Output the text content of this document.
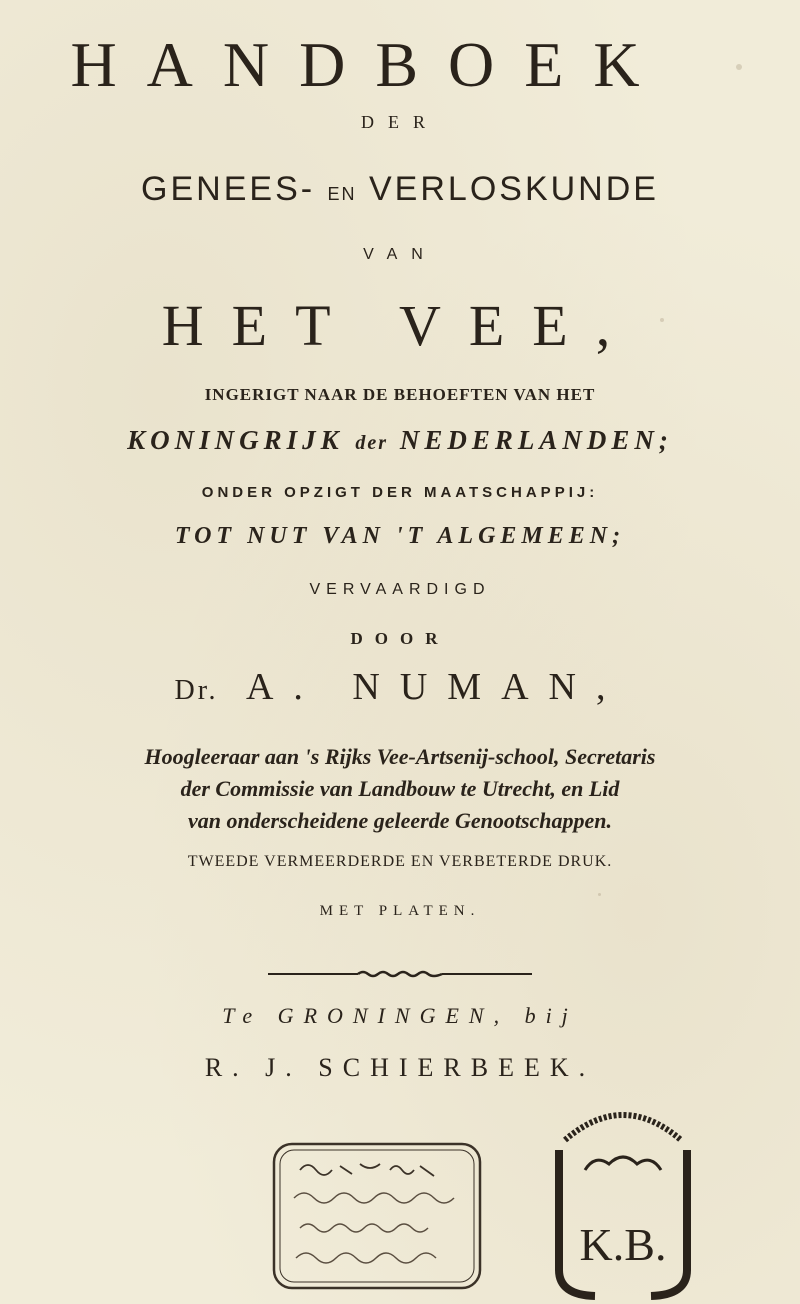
HANDBOEK
DER
GENEES- EN VERLOSKUNDE
VAN
HET VEE,
INGERIGT NAAR DE BEHOEFTEN VAN HET
KONINGRIJK der NEDERLANDEN;
ONDER OPZIGT DER MAATSCHAPPIJ:
TOT NUT VAN 'T ALGEMEEN;
VERVAARDIGD
DOOR
Dr. A. NUMAN,
Hoogleeraar aan 's Rijks Vee-Artsenij-school, Secretaris
der Commissie van Landbouw te Utrecht, en Lid
van onderscheidene geleerde Genootschappen.
TWEEDE VERMEERDERDE EN VERBETERDE DRUK.
MET PLATEN.
Te GRONINGEN, bij
R. J. SCHIERBEEK.
K.B.
